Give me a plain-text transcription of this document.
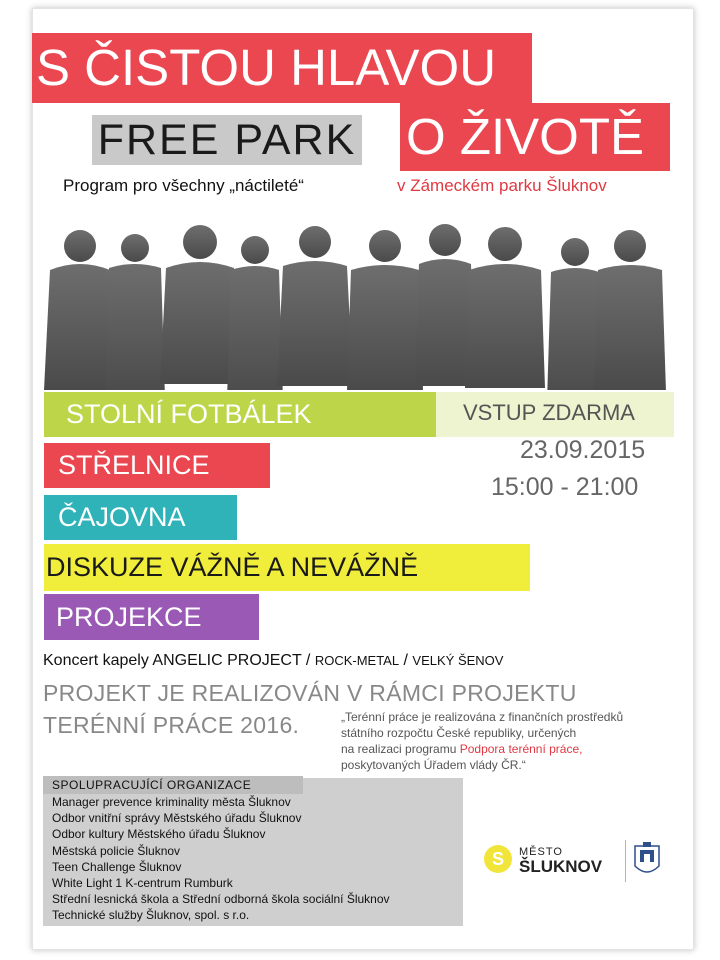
S ČISTOU HLAVOU
FREE PARK O ŽIVOTĚ
Program pro všechny „náctileté“	v Zámeckém parku Šluknov
STOLNÍ FOTBÁLEK
STŘELNICE
ČAJOVNA
DISKUZE VÁŽNĚ A NEVÁŽNĚ
PROJEKCE
VSTUP ZDARMA
23.09.2015
15:00 - 21:00
Koncert kapely ANGELIC PROJECT / ROCK-METAL / VELKÝ ŠENOV
PROJEKT JE REALIZOVÁN V RÁMCI PROJEKTU
TERÉNNÍ PRÁCE 2016.	„Terénní práce je realizována z finančních prostředků
státního rozpočtu České republiky, určených
na realizaci programu Podpora terénní práce,
poskytovaných Úřadem vlády ČR.“
SPOLUPRACUJÍCÍ ORGANIZACE
Manager prevence kriminality města Šluknov
Odbor vnitřní správy Městského úřadu Šluknov
Odbor kultury Městského úřadu Šluknov
Městská policie Šluknov
Teen Challenge Šluknov
White Light 1 K-centrum Rumburk
Střední lesnická škola a Střední odborná škola sociální Šluknov
Technické služby Šluknov, spol. s r.o.
S	MĚSTO
ŠLUKNOV
